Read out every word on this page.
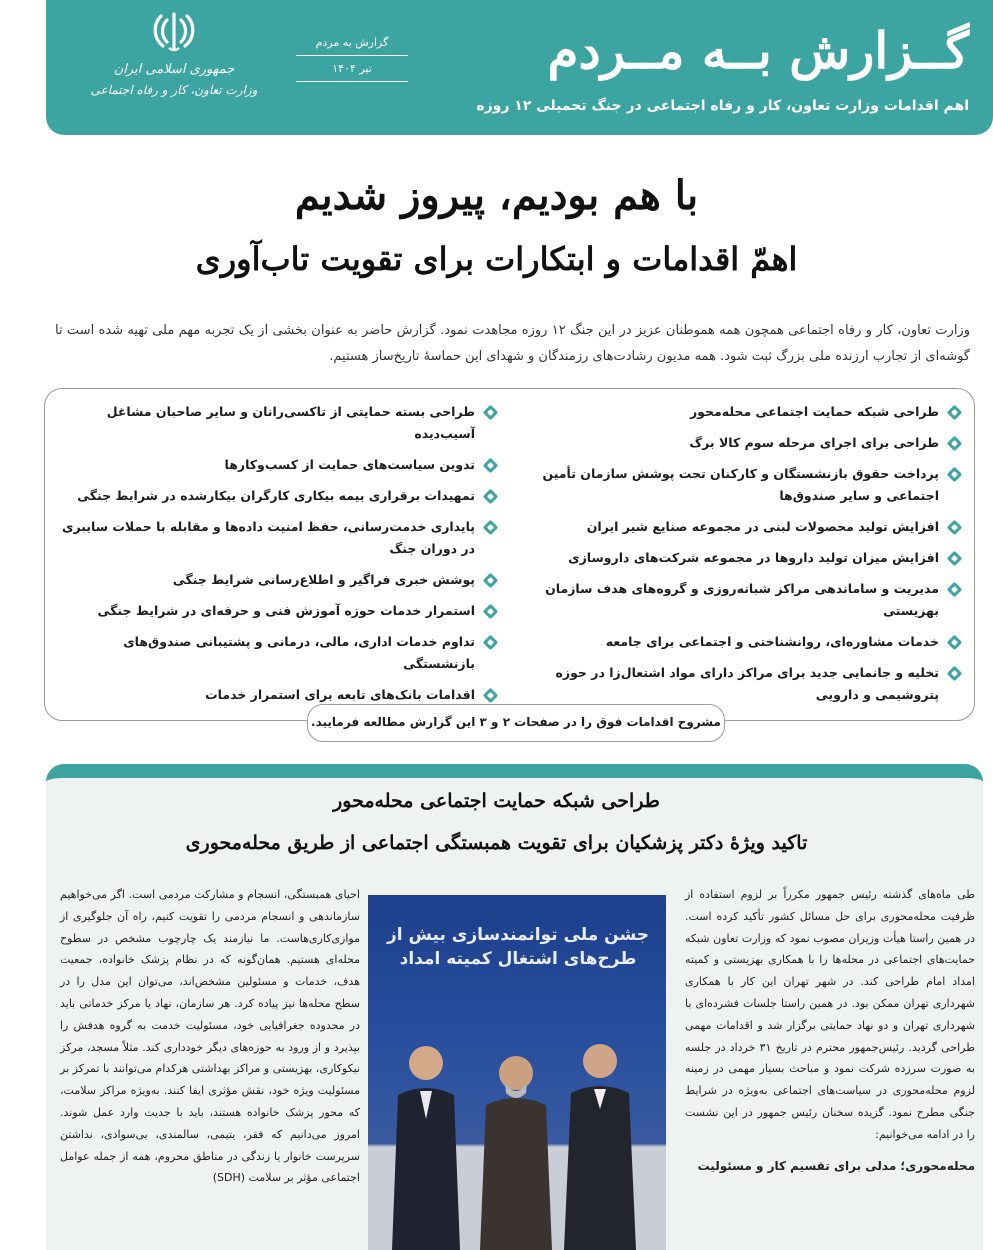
گــزارش بــه مــردم
اهم اقدامات وزارت تعاون، کار و رفاه اجتماعی در جنگ تحمیلی ۱۲ روزه
گزارش به مردم
تیر ۱۴۰۴
جمهوری اسلامی ایران
وزارت تعاون، کار و رفاه اجتماعی
با هم بودیم، پیروز شدیم
اهمّ اقدامات و ابتکارات برای تقویت تاب‌آوری

وزارت تعاون، کار و رفاه اجتماعی همچون همه هموطنان عزیز در این جنگ ۱۲ روزه مجاهدت نمود. گزارش حاضر به عنوان بخشی از یک تجربه مهم ملی تهیه شده است تا گوشه‌ای از تجارب ارزنده ملی بزرگ ثبت شود. همه مدیون رشادت‌های رزمندگان و شهدای این حماسهٔ تاریخ‌ساز هستیم.

طراحی شبکه حمایت اجتماعی محله‌محور
طراحی برای اجرای مرحله سوم کالا برگ
پرداخت حقوق بازنشستگان و کارکنان تحت پوشش سازمان تأمین اجتماعی و سایر صندوق‌ها
افزایش تولید محصولات لبنی در مجموعه صنایع شیر ایران
افزایش میزان تولید داروها در مجموعه شرکت‌های داروسازی
مدیریت و ساماندهی مراکز شبانه‌روزی و گروه‌های هدف سازمان بهزیستی
خدمات مشاوره‌ای، روانشناختی و اجتماعی برای جامعه
تخلیه و جانمایی جدید برای مراکز دارای مواد اشتعال‌زا در حوزه پتروشیمی و دارویی
طراحی بسته حمایتی از تاکسی‌رانان و سایر صاحبان مشاغل آسیب‌دیده
تدوین سیاست‌های حمایت از کسب‌وکارها
تمهیدات برقراری بیمه بیکاری کارگران بیکارشده در شرایط جنگی
پایداری خدمت‌رسانی، حفظ امنیت داده‌ها و مقابله با حملات سایبری در دوران جنگ
پوشش خبری فراگیر و اطلاع‌رسانی شرایط جنگی
استمرار خدمات حوزه آموزش فنی و حرفه‌ای در شرایط جنگی
تداوم خدمات اداری، مالی، درمانی و پشتیبانی صندوق‌های بازنشستگی
اقدامات بانک‌های تابعه برای استمرار خدمات
مشروح اقدامات فوق را در صفحات ۲ و ۳ این گزارش مطالعه فرمایید.
طراحی شبکه حمایت اجتماعی محله‌محور
تاکید ویژهٔ دکتر پزشکیان برای تقویت همبستگی اجتماعی از طریق محله‌محوری
طی ماه‌های گذشته رئیس جمهور مکرراً بر لزوم استفاده از ظرفیت محله‌محوری برای حل مسائل کشور تأکید کرده است. در همین راستا هیأت وزیران مصوب نمود که وزارت تعاون شبکه حمایت‌های اجتماعی در محله‌ها را با همکاری بهزیستی و کمیته امداد امام طراحی کند. در شهر تهران این کار با همکاری شهرداری تهران ممکن بود. در همین راستا جلسات فشرده‌ای با شهرداری تهران و دو نهاد حمایتی برگزار شد و اقدامات مهمی طراحی گردید. رئیس‌جمهور محترم در تاریخ ۳۱ خرداد در جلسه به صورت سرزده شرکت نمود و مباحث بسیار مهمی در زمینه لزوم محله‌محوری در سیاست‌های اجتماعی به‌ویژه در شرایط جنگی مطرح نمود. گزیده سخنان رئیس جمهور در این نشست را در ادامه می‌خوانیم:
محله‌محوری؛ مدلی برای تقسیم کار و مسئولیت
جشن ملی توانمندسازی بیش از طرح‌های اشتغال کمیته امداد
احیای همبستگی، انسجام و مشارکت مردمی است. اگر می‌خواهیم سازماندهی و انسجام مردمی را تقویت کنیم، راه آن جلوگیری از موازی‌کاری‌هاست. ما نیازمند یک چارچوب مشخص در سطوح محله‌ای هستیم. همان‌گونه که در نظام پزشک خانواده، جمعیت هدف، خدمات و مسئولین مشخص‌اند، می‌توان این مدل را در سطح محله‌ها نیز پیاده کرد. هر سازمان، نهاد یا مرکز خدماتی باید در محدوده جغرافیایی خود، مسئولیت خدمت به گروه هدفش را بپذیرد و از ورود به حوزه‌های دیگر خودداری کند. مثلاً مسجد، مرکز نیکوکاری، بهزیستی و مراکز بهداشتی هرکدام می‌توانند با تمرکز بر مسئولیت ویژه خود، نقش مؤثری ایفا کنند. به‌ویژه مراکز سلامت، که محور پزشک خانواده هستند، باید با جدیت وارد عمل شوند. امروز می‌دانیم که فقر، یتیمی، سالمندی، بی‌سوادی، نداشتن سرپرست خانوار یا زندگی در مناطق محروم، همه از جمله عوامل اجتماعی مؤثر بر سلامت (SDH)
